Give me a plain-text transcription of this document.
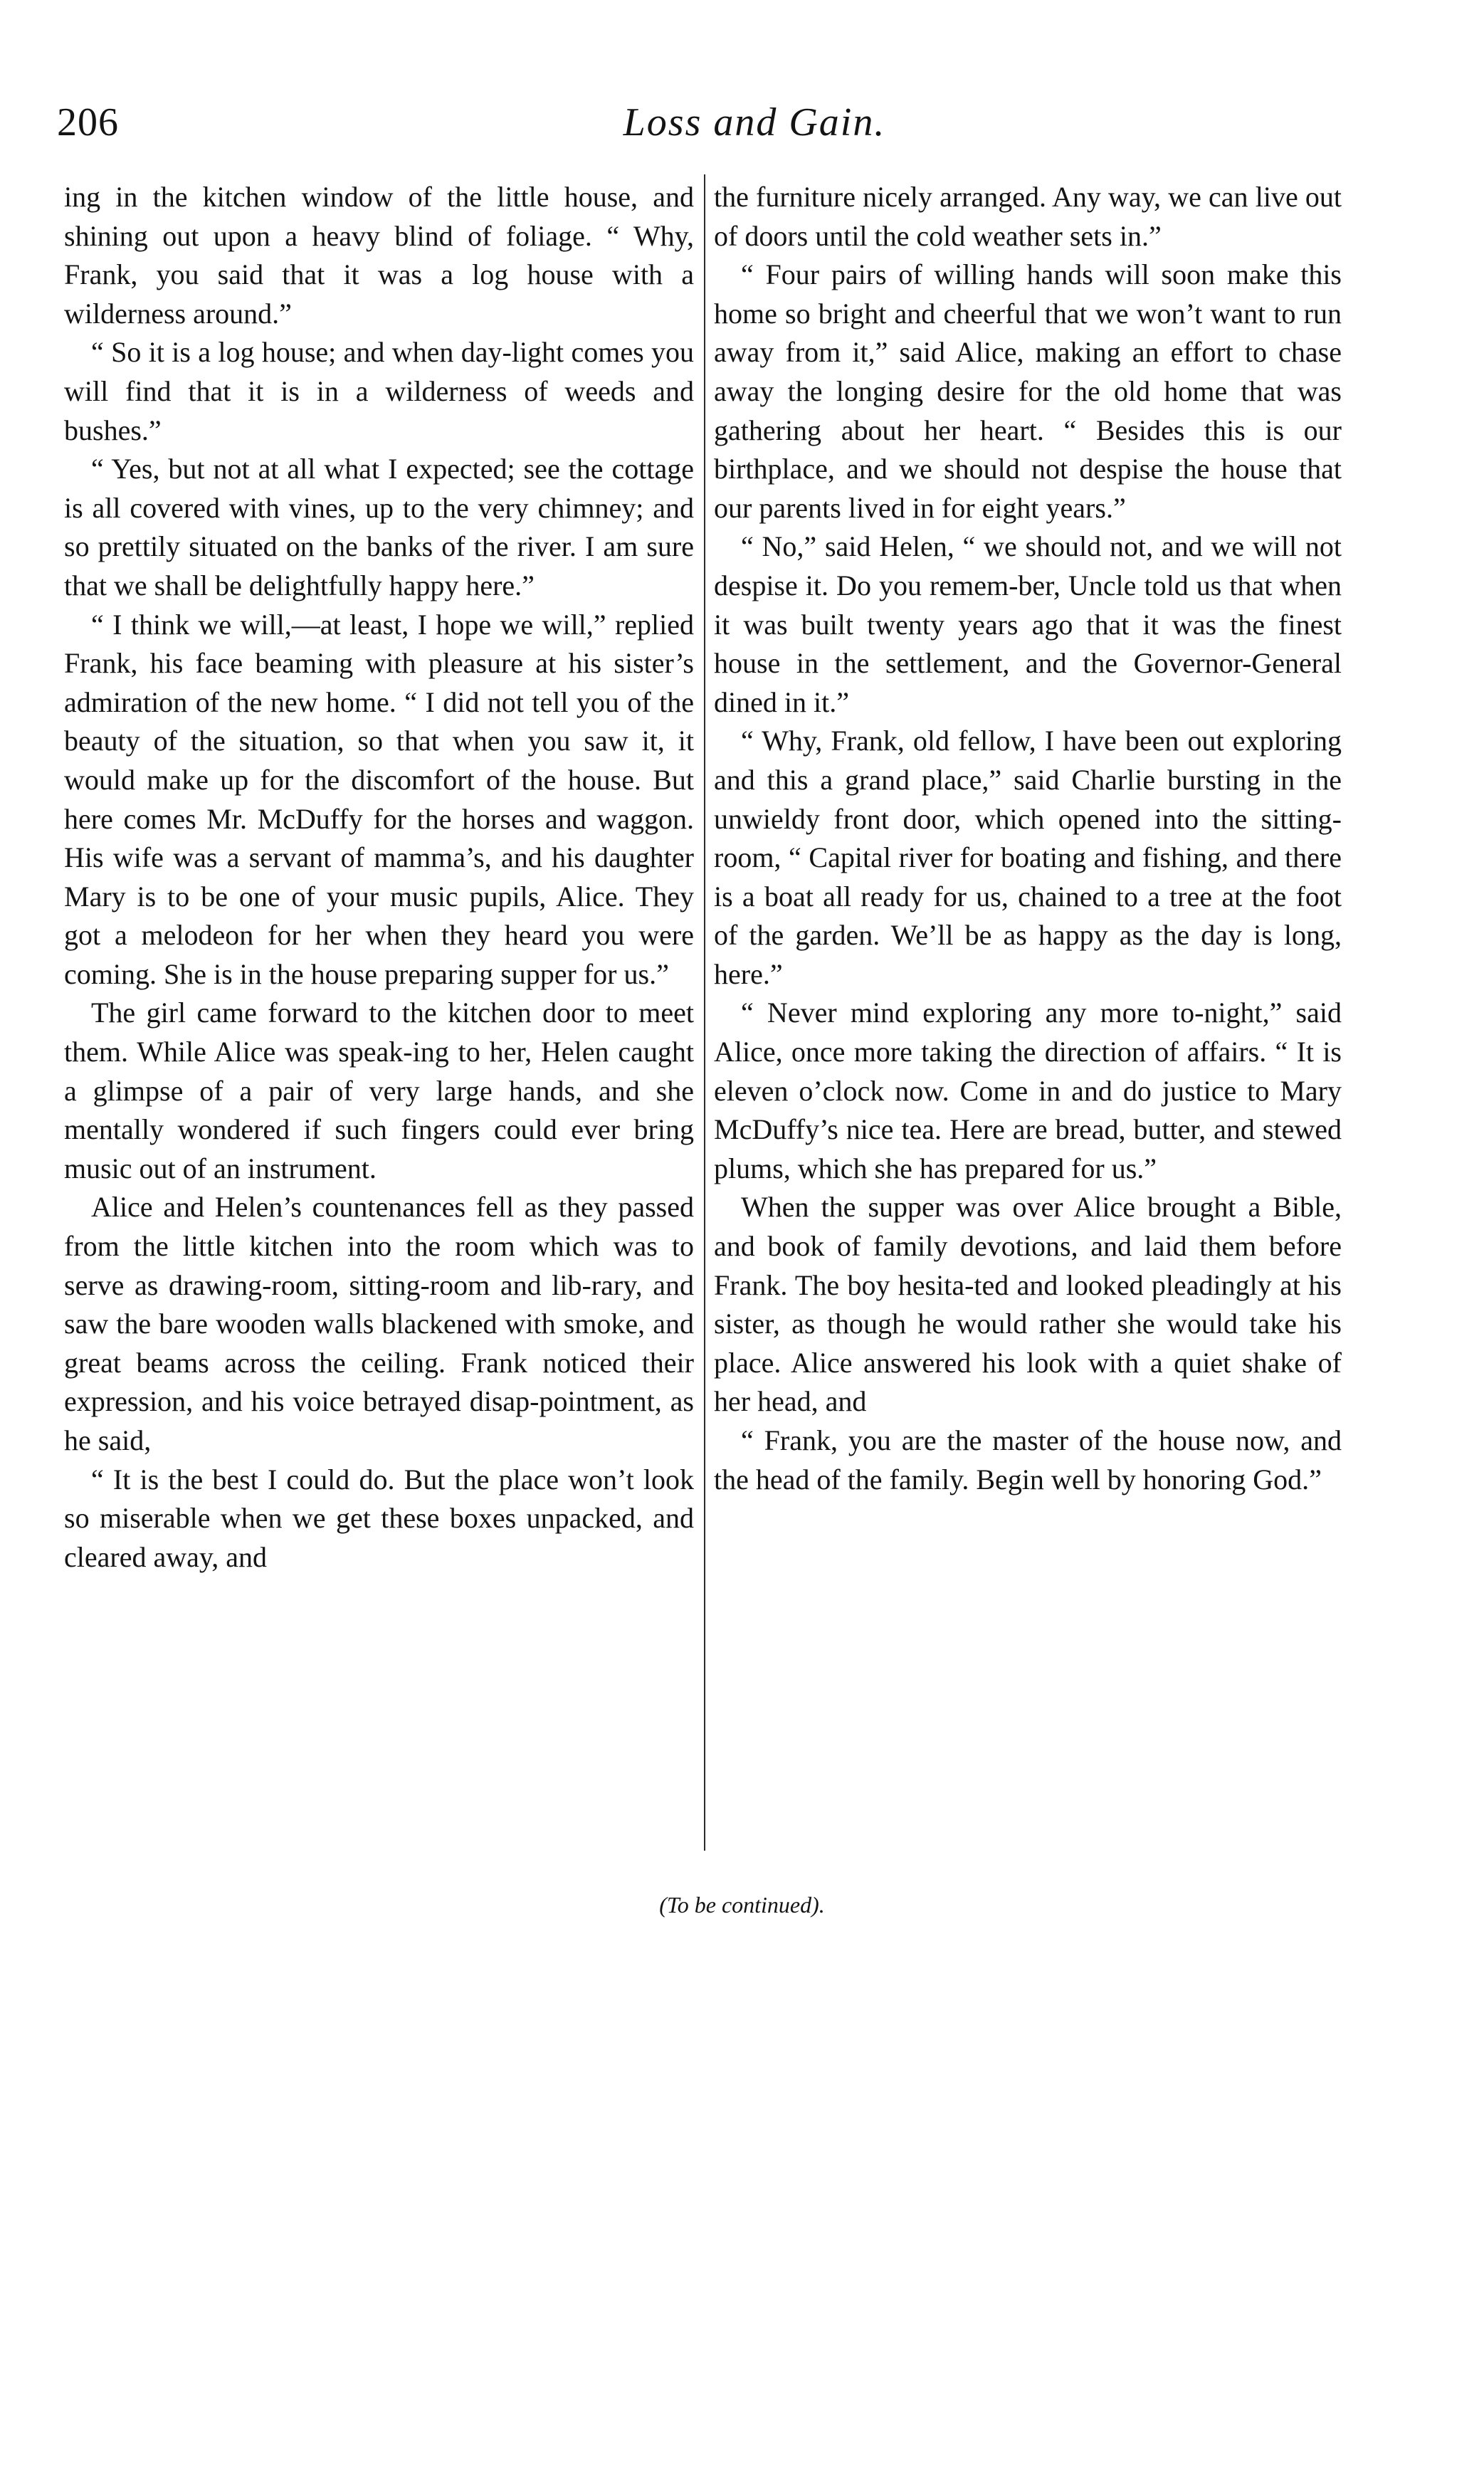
206	Loss and Gain.

ing in the kitchen window of the little house, and shining out upon a heavy blind of foliage. “ Why, Frank, you said that it was a log house with a wilderness around.”

“ So it is a log house; and when day-light comes you will find that it is in a wilderness of weeds and bushes.”

“ Yes, but not at all what I expected; see the cottage is all covered with vines, up to the very chimney; and so prettily situated on the banks of the river. I am sure that we shall be delightfully happy here.”

“ I think we will,—at least, I hope we will,” replied Frank, his face beaming with pleasure at his sister’s admiration of the new home. “ I did not tell you of the beauty of the situation, so that when you saw it, it would make up for the discomfort of the house. But here comes Mr. McDuffy for the horses and waggon. His wife was a servant of mamma’s, and his daughter Mary is to be one of your music pupils, Alice. They got a melodeon for her when they heard you were coming. She is in the house preparing supper for us.”

The girl came forward to the kitchen door to meet them. While Alice was speak-ing to her, Helen caught a glimpse of a pair of very large hands, and she mentally wondered if such fingers could ever bring music out of an instrument.

Alice and Helen’s countenances fell as they passed from the little kitchen into the room which was to serve as drawing-room, sitting-room and lib-rary, and saw the bare wooden walls blackened with smoke, and great beams across the ceiling. Frank noticed their expression, and his voice betrayed disap-pointment, as he said,

“ It is the best I could do. But the place won’t look so miserable when we get these boxes unpacked, and cleared away, and

the furniture nicely arranged. Any way, we can live out of doors until the cold weather sets in.”

“ Four pairs of willing hands will soon make this home so bright and cheerful that we won’t want to run away from it,” said Alice, making an effort to chase away the longing desire for the old home that was gathering about her heart. “ Besides this is our birthplace, and we should not despise the house that our parents lived in for eight years.”

“ No,” said Helen, “ we should not, and we will not despise it. Do you remem-ber, Uncle told us that when it was built twenty years ago that it was the finest house in the settlement, and the Governor-General dined in it.”

“ Why, Frank, old fellow, I have been out exploring and this a grand place,” said Charlie bursting in the unwieldy front door, which opened into the sitting-room, “ Capital river for boating and fishing, and there is a boat all ready for us, chained to a tree at the foot of the garden. We’ll be as happy as the day is long, here.”

“ Never mind exploring any more to-night,” said Alice, once more taking the direction of affairs. “ It is eleven o’clock now. Come in and do justice to Mary McDuffy’s nice tea. Here are bread, butter, and stewed plums, which she has prepared for us.”

When the supper was over Alice brought a Bible, and book of family devotions, and laid them before Frank. The boy hesita-ted and looked pleadingly at his sister, as though he would rather she would take his place. Alice answered his look with a quiet shake of her head, and

“ Frank, you are the master of the house now, and the head of the family. Begin well by honoring God.”

(To be continued).
